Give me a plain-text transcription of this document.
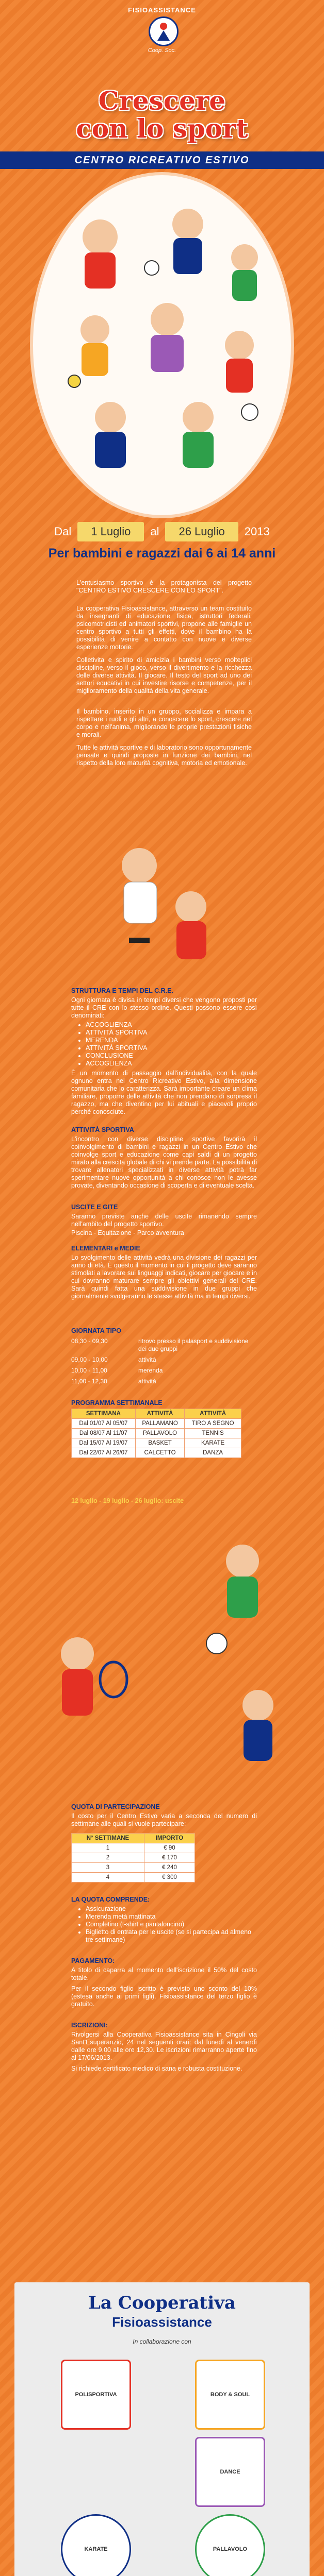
FISIOASSISTANCE
Coop. Soc.
Crescere
con lo sport
CENTRO RICREATIVO ESTIVO
Dal	1 Luglio	al	26 Luglio	2013
Per bambini e ragazzi dai 6 ai 14 anni
L'entusiasmo sportivo è la protagonista del progetto "CENTRO ESTIVO CRESCERE CON LO SPORT".
La cooperativa Fisioassistance, attraverso un team costituito da insegnanti di educazione fisica, istruttori federali, psicomotricisti ed animatori sportivi, propone alle famiglie un centro sportivo a tutti gli effetti, dove il bambino ha la possibilità di venire a contatto con nuove e diverse esperienze motorie.
Colletivita e spirito di amicizia i bambini verso molteplici discipline, verso il gioco, verso il divertimento e la ricchezza delle diverse attività. Il giocare. Il testo del sport ad uno dei settori educativi in cui investire risorse e competenze, per il miglioramento della qualità della vita generale.
Il bambino, inserito in un gruppo, socializza e impara a rispettare i ruoli e gli altri, a conoscere lo sport, crescere nel corpo e nell'anima, migliorando le proprie prestazioni fisiche e morali.
Tutte le attività sportive e di laboratorio sono opportunamente pensate e quindi proposte in funzione dei bambini, nel rispetto della loro maturità cognitiva, motoria ed emotionale.
STRUTTURA E TEMPI DEL C.R.E.
Ogni giornata è divisa in tempi diversi che vengono proposti per tutte il CRE con lo stesso ordine. Questi possono essere così denominati:
• ACCOGLIENZA
• ATTIVITÀ SPORTIVA
• MERENDA
• ATTIVITÀ SPORTIVA
• CONCLUSIONE
• ACCOGLIENZA
È un momento di passaggio dall'individualità, con la quale ognuno entra nel Centro Ricreativo Estivo, alla dimensione comunitaria che lo caratterizza. Sarà importante creare un clima familiare, proporre delle attività che non prendano di sorpresa il ragazzo, ma che diventino per lui abituali e piacevoli proprio perché conosciute.
ATTIVITÀ SPORTIVA
L'incontro con diverse discipline sportive favorirà il coinvolgimento di bambini e ragazzi in un Centro Estivo che coinvolge sport e educazione come capi saldi di un progetto mirato alla crescita globale di chi vi prende parte. La possibilità di trovare allenatori specializzati in diverse attività potrà far sperimentare nuove opportunità a chi conosce non le avesse provate, diventando occasione di scoperta e di eventuale scelta.
USCITE E GITE
Saranno previste anche delle uscite rimanendo sempre nell'ambito del progetto sportivo.
Piscina - Equitazione - Parco avventura
ELEMENTARI e MEDIE
Lo svolgimento delle attività vedrà una divisione dei ragazzi per anno di età. È questo il momento in cui il progetto deve saranno stimolati a lavorare sui linguaggi indicati, giocare per giocare e in cui dovranno maturare sempre gli obiettivi generali del CRE. Sarà quindi fatta una suddivisione in due gruppi che giornalmente svolgeranno le stesse attività ma in tempi diversi.
GIORNATA TIPO
08,30 - 09,30	ritrovo presso il palasport e suddivisione dei due gruppi
09,00 - 10,00	attività
10,00 - 11,00	merenda
11,00 - 12,30	attività
PROGRAMMA SETTIMANALE
SETTIMANA	ATTIVITÀ	ATTIVITÀ
Dal 01/07 Al 05/07	PALLAMANO	TIRO A SEGNO
Dal 08/07 Al 11/07	PALLAVOLO	TENNIS
Dal 15/07 Al 19/07	BASKET	KARATE
Dal 22/07 Al 26/07	CALCETTO	DANZA
12 luglio - 19 luglio - 26 luglio: uscite
QUOTA DI PARTECIPAZIONE
Il costo per il Centro Estivo varia a seconda del numero di settimane alle quali si vuole partecipare:
N° SETTIMANE	IMPORTO
1	€ 90
2	€ 170
3	€ 240
4	€ 300
LA QUOTA COMPRENDE:
• Assicurazione
• Merenda metà mattinata
• Completino (t-shirt e pantaloncino)
• Biglietto di entrata per le uscite (se si partecipa ad almeno tre settimane)
PAGAMENTO:
A titolo di caparra al momento dell'iscrizione il 50% del costo totale.
Per il secondo figlio iscritto è previsto uno sconto del 10% (estesa anche ai primi figli). Fisioassistance del terzo figlio è gratuito.
ISCRIZIONI:
Rivolgersi alla Cooperativa Fisioassistance sita in Cingoli via Sant'Esuperanzio, 24 nel seguenti orari: dal lunedì al venerdì dalle ore 9,00 alle ore 12,30. Le iscrizioni rimarranno aperte fino al 17/06/2013.
Si richiede certificato medico di sana e robusta costituzione.
La Cooperativa
Fisioassistance
In collaborazione con
POLISPORTIVA	BODY & SOUL
DANCE
KARATE	PALLAVOLO
